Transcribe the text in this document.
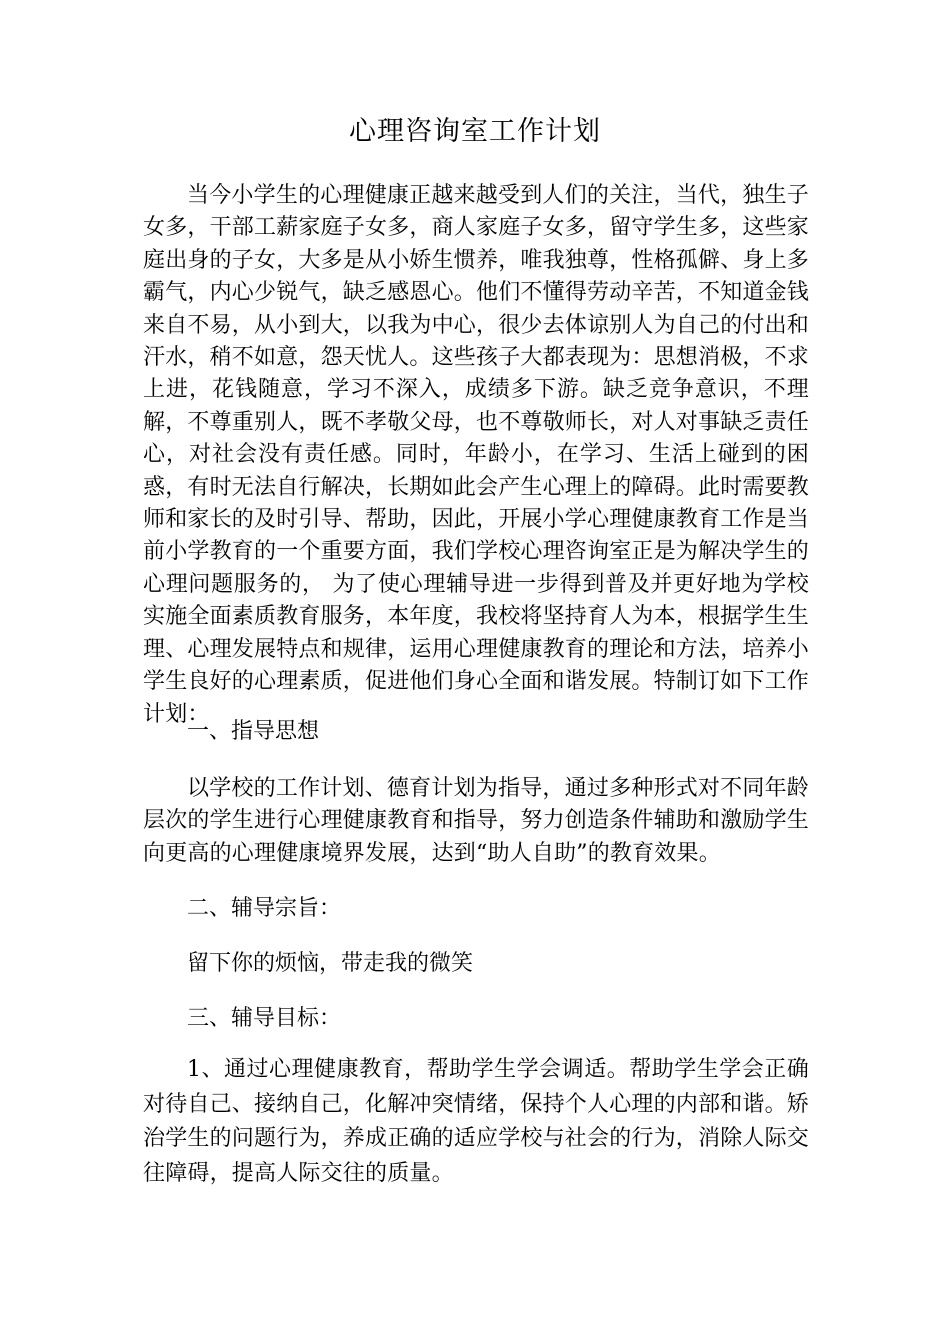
心理咨询室工作计划

当今小学生的心理健康正越来越受到人们的关注，当代，独生子女多，干部工薪家庭子女多，商人家庭子女多，留守学生多，这些家庭出身的子女，大多是从小娇生惯养，唯我独尊，性格孤僻、身上多霸气，内心少锐气，缺乏感恩心。他们不懂得劳动辛苦，不知道金钱来自不易，从小到大，以我为中心，很少去体谅别人为自己的付出和汗水，稍不如意，怨天忧人。这些孩子大都表现为：思想消极，不求上进，花钱随意，学习不深入，成绩多下游。缺乏竞争意识，不理解，不尊重别人，既不孝敬父母，也不尊敬师长，对人对事缺乏责任心，对社会没有责任感。同时，年龄小，在学习、生活上碰到的困惑，有时无法自行解决，长期如此会产生心理上的障碍。此时需要教师和家长的及时引导、帮助，因此，开展小学心理健康教育工作是当前小学教育的一个重要方面，我们学校心理咨询室正是为解决学生的心理问题服务的， 为了使心理辅导进一步得到普及并更好地为学校实施全面素质教育服务，本年度，我校将坚持育人为本，根据学生生理、心理发展特点和规律，运用心理健康教育的理论和方法，培养小学生良好的心理素质，促进他们身心全面和谐发展。特制订如下工作计划：

一、指导思想

以学校的工作计划、德育计划为指导，通过多种形式对不同年龄层次的学生进行心理健康教育和指导，努力创造条件辅助和激励学生向更高的心理健康境界发展，达到“助人自助”的教育效果。

二、辅导宗旨：

留下你的烦恼，带走我的微笑

三、辅导目标：

1、通过心理健康教育，帮助学生学会调适。帮助学生学会正确对待自己、接纳自己，化解冲突情绪，保持个人心理的内部和谐。矫治学生的问题行为，养成正确的适应学校与社会的行为，消除人际交往障碍，提高人际交往的质量。
